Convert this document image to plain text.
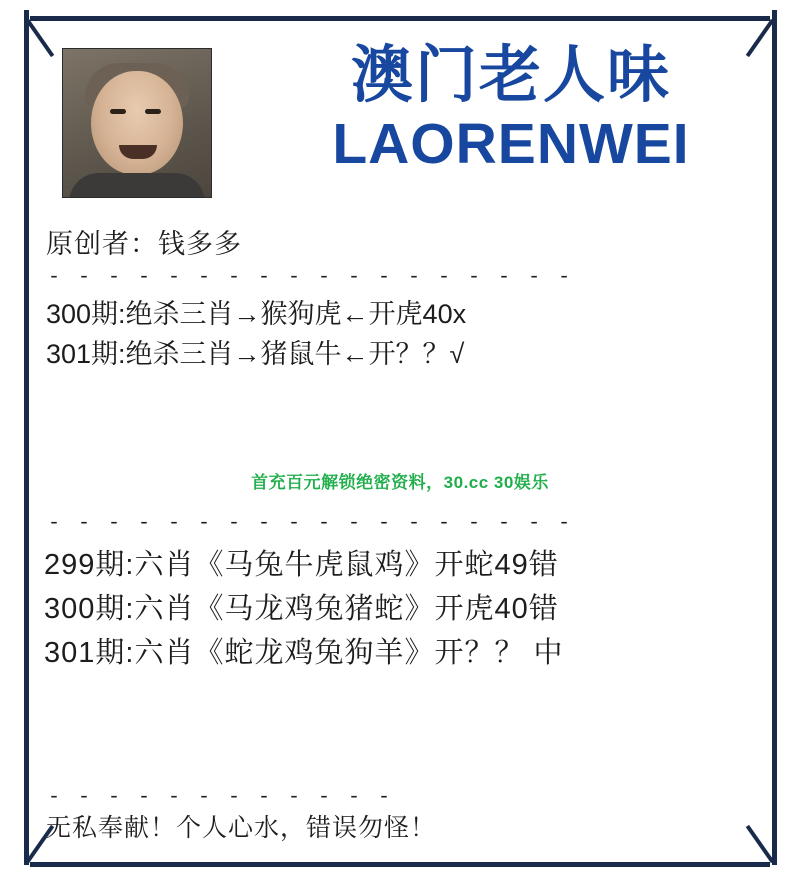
澳门老人味
LAORENWEI
原创者：钱多多
- - - - - - - - - - - - - - - - - -
300期:绝杀三肖→猴狗虎←开虎40x
301期:绝杀三肖→猪鼠牛←开？？√
首充百元解锁绝密资料，30.cc 30娱乐
- - - - - - - - - - - - - - - - - -
299期:六肖《马兔牛虎鼠鸡》开蛇49错
300期:六肖《马龙鸡兔猪蛇》开虎40错
301期:六肖《蛇龙鸡兔狗羊》开？？ 中
- - - - - - - - - - - -
无私奉献！个人心水，错误勿怪！
